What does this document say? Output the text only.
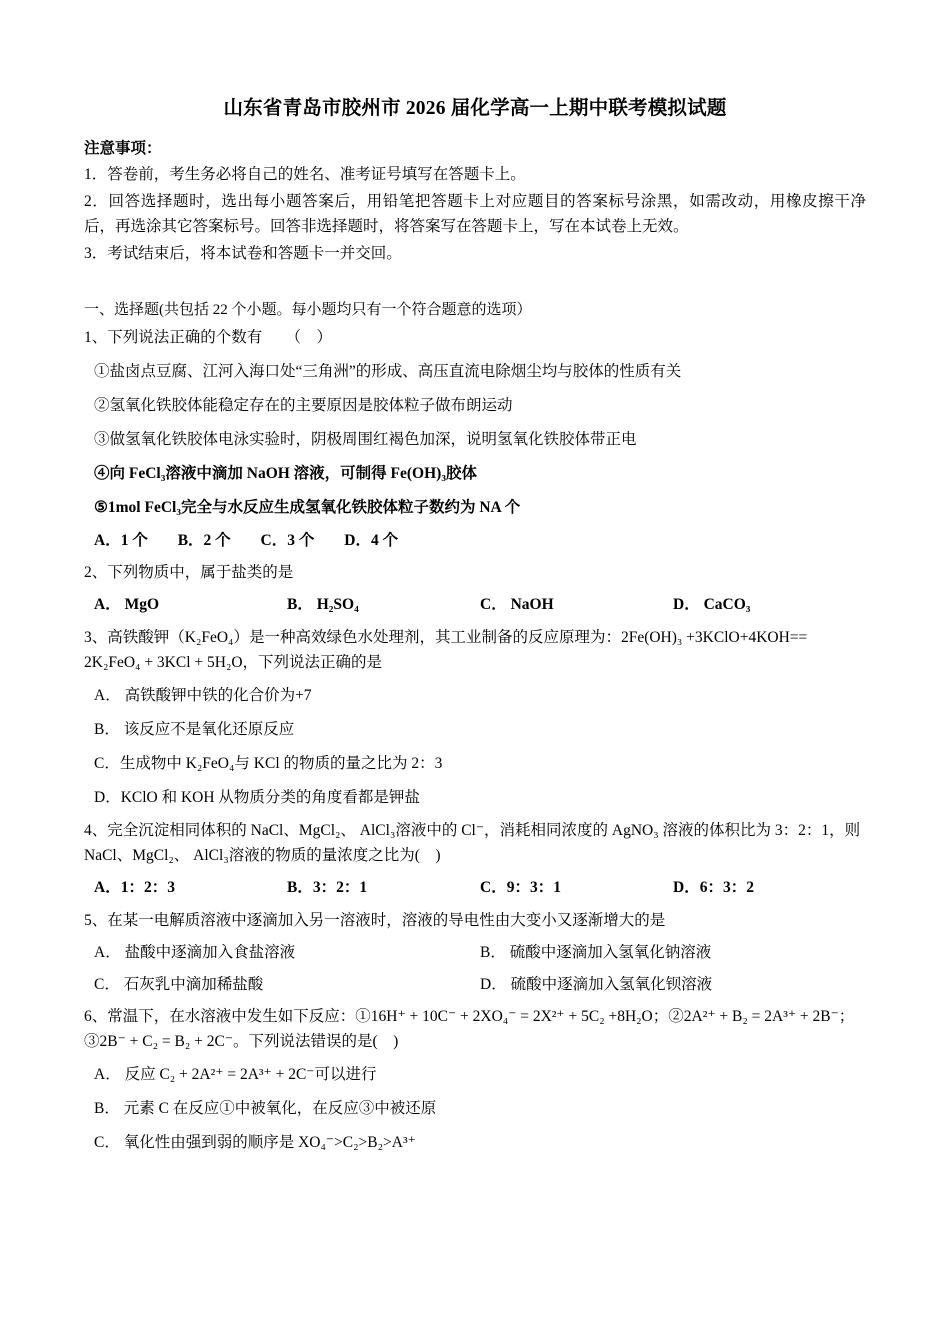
山东省青岛市胶州市 2026 届化学高一上期中联考模拟试题
注意事项：
1．答卷前，考生务必将自己的姓名、准考证号填写在答题卡上。
2．回答选择题时，选出每小题答案后，用铅笔把答题卡上对应题目的答案标号涂黑，如需改动，用橡皮擦干净后，再选涂其它答案标号。回答非选择题时，将答案写在答题卡上，写在本试卷上无效。
3．考试结束后，将本试卷和答题卡一并交回。
一、选择题(共包括 22 个小题。每小题均只有一个符合题意的选项）
1、下列说法正确的个数有　　（　）
①盐卤点豆腐、江河入海口处“三角洲”的形成、高压直流电除烟尘均与胶体的性质有关
②氢氧化铁胶体能稳定存在的主要原因是胶体粒子做布朗运动
③做氢氧化铁胶体电泳实验时，阴极周围红褐色加深，说明氢氧化铁胶体带正电
④向 FeCl₃溶液中滴加 NaOH 溶液，可制得 Fe(OH)₃胶体
⑤1mol FeCl₃完全与水反应生成氢氧化铁胶体粒子数约为 NA 个
A．1 个 B．2 个 C．3 个 D．4 个
2、下列物质中，属于盐类的是
A． MgO	B． H₂SO₄	C． NaOH	D． CaCO₃
3、高铁酸钾（K₂FeO₄）是一种高效绿色水处理剂，其工业制备的反应原理为：2Fe(OH)₃ +3KClO+4KOH== 2K₂FeO₄ + 3KCl + 5H₂O，下列说法正确的是
A． 高铁酸钾中铁的化合价为+7
B． 该反应不是氧化还原反应
C．生成物中 K₂FeO₄与 KCl 的物质的量之比为 2：3
D．KClO 和 KOH 从物质分类的角度看都是钾盐
4、完全沉淀相同体积的 NaCl、MgCl₂、 AlCl₃溶液中的 Cl⁻，消耗相同浓度的 AgNO₃ 溶液的体积比为 3：2：1，则 NaCl、MgCl₂、 AlCl₃溶液的物质的量浓度之比为(　)
A．1：2：3	B．3：2：1	C．9：3：1	D．6：3：2
5、在某一电解质溶液中逐滴加入另一溶液时，溶液的导电性由大变小又逐渐增大的是
A． 盐酸中逐滴加入食盐溶液	B． 硫酸中逐滴加入氢氧化钠溶液
C． 石灰乳中滴加稀盐酸	D． 硫酸中逐滴加入氢氧化钡溶液
6、常温下，在水溶液中发生如下反应：①16H⁺ + 10C⁻ + 2XO₄⁻ = 2X²⁺ + 5C₂ +8H₂O；②2A²⁺ + B₂ = 2A³⁺ + 2B⁻；③2B⁻ + C₂ = B₂ + 2C⁻。下列说法错误的是(　)
A． 反应 C₂ + 2A²⁺ = 2A³⁺ + 2C⁻可以进行
B． 元素 C 在反应①中被氧化，在反应③中被还原
C． 氧化性由强到弱的顺序是 XO₄⁻>C₂>B₂>A³⁺
